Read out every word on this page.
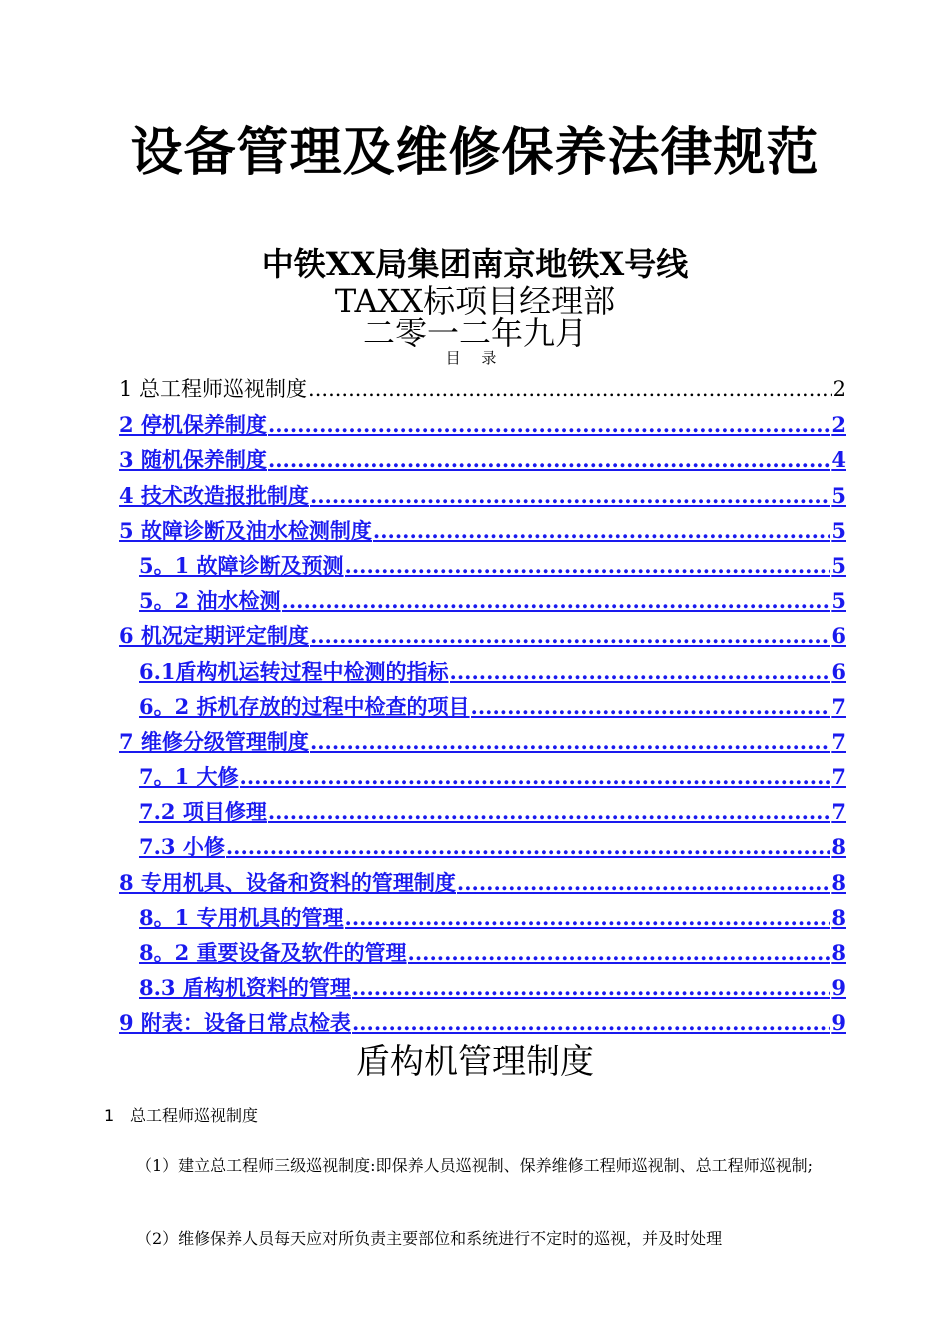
设备管理及维修保养法律规范
中铁XX局集团南京地铁X号线
TAXX标项目经理部
二零一二年九月
目 录
1 总工程师巡视制度 .....	2
2 停机保养制度 .....	2
3 随机保养制度 .....	4
4 技术改造报批制度 .....	5
5 故障诊断及油水检测制度 .....	5
5。1 故障诊断及预测 .....	5
5。2 油水检测 .....	5
6 机况定期评定制度 .....	6
6.1盾构机运转过程中检测的指标 .....	6
6。2 拆机存放的过程中检查的项目 .....	7
7 维修分级管理制度 .....	7
7。1 大修 .....	7
7.2 项目修理 .....	7
7.3 小修 .....	8
8 专用机具、设备和资料的管理制度 .....	8
8。1 专用机具的管理 .....	8
8。2 重要设备及软件的管理 .....	8
8.3 盾构机资料的管理 .....	9
9 附表：设备日常点检表 .....	9
盾构机管理制度
1 总工程师巡视制度
（1）建立总工程师三级巡视制度:即保养人员巡视制、保养维修工程师巡视制、总工程师巡视制;
（2）维修保养人员每天应对所负责主要部位和系统进行不定时的巡视，并及时处理
